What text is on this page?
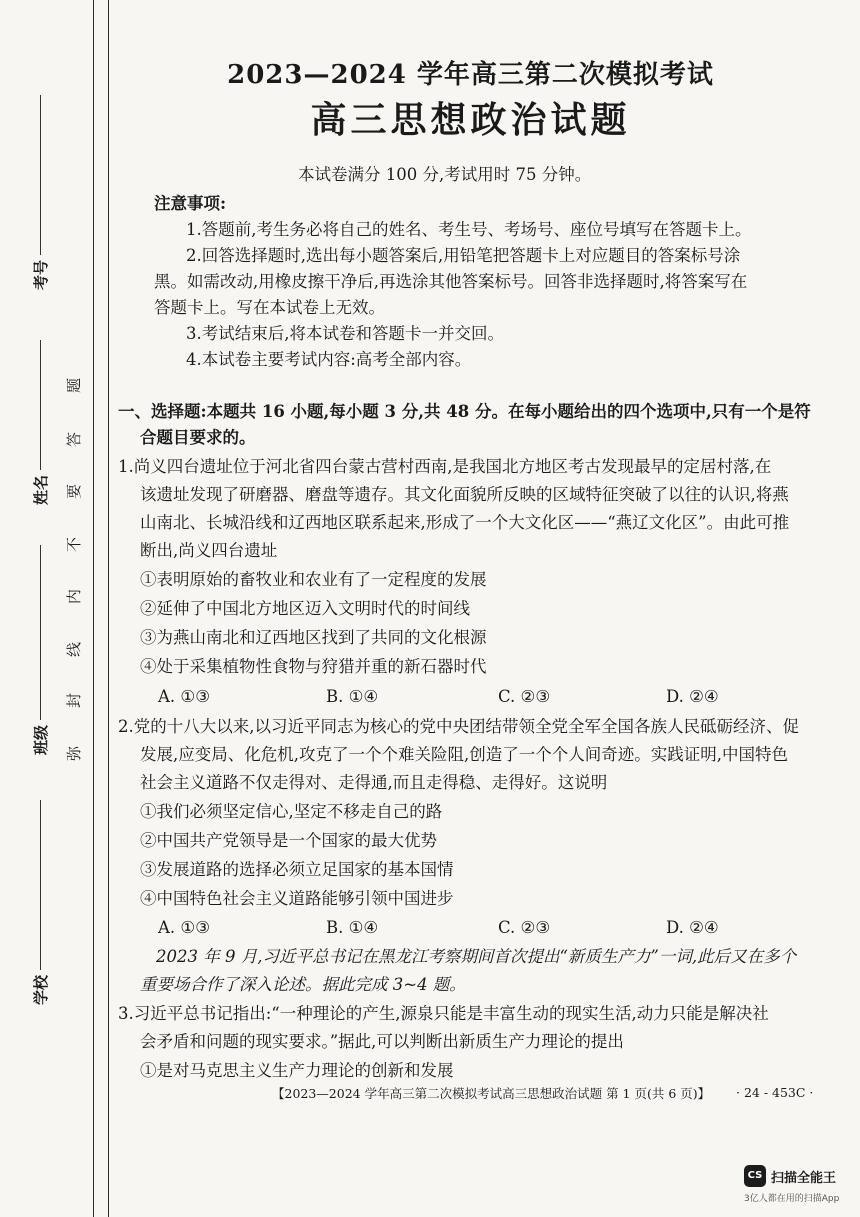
考号
姓名
班级
学校
弥
封
线
内
不
要
答
题
2023—2024 学年高三第二次模拟考试
高三思想政治试题
本试卷满分 100 分,考试用时 75 分钟。
注意事项:
1.答题前,考生务必将自己的姓名、考生号、考场号、座位号填写在答题卡上。
2.回答选择题时,选出每小题答案后,用铅笔把答题卡上对应题目的答案标号涂
黑。如需改动,用橡皮擦干净后,再选涂其他答案标号。回答非选择题时,将答案写在
答题卡上。写在本试卷上无效。
3.考试结束后,将本试卷和答题卡一并交回。
4.本试卷主要考试内容:高考全部内容。
一、选择题:本题共 16 小题,每小题 3 分,共 48 分。在每小题给出的四个选项中,只有一个是符
合题目要求的。
1.尚义四台遗址位于河北省四台蒙古营村西南,是我国北方地区考古发现最早的定居村落,在
该遗址发现了研磨器、磨盘等遗存。其文化面貌所反映的区域特征突破了以往的认识,将燕
山南北、长城沿线和辽西地区联系起来,形成了一个大文化区——“燕辽文化区”。由此可推
断出,尚义四台遗址
①表明原始的畜牧业和农业有了一定程度的发展
②延伸了中国北方地区迈入文明时代的时间线
③为燕山南北和辽西地区找到了共同的文化根源
④处于采集植物性食物与狩猎并重的新石器时代
A. ①③	B. ①④	C. ②③	D. ②④
2.党的十八大以来,以习近平同志为核心的党中央团结带领全党全军全国各族人民砥砺经济、促
发展,应变局、化危机,攻克了一个个难关险阻,创造了一个个人间奇迹。实践证明,中国特色
社会主义道路不仅走得对、走得通,而且走得稳、走得好。这说明
①我们必须坚定信心,坚定不移走自己的路
②中国共产党领导是一个国家的最大优势
③发展道路的选择必须立足国家的基本国情
④中国特色社会主义道路能够引领中国进步
A. ①③	B. ①④	C. ②③	D. ②④
2023 年 9 月,习近平总书记在黑龙江考察期间首次提出“新质生产力”一词,此后又在多个
重要场合作了深入论述。据此完成 3~4 题。
3.习近平总书记指出:“一种理论的产生,源泉只能是丰富生动的现实生活,动力只能是解决社
会矛盾和问题的现实要求。”据此,可以判断出新质生产力理论的提出
①是对马克思主义生产力理论的创新和发展
【2023—2024 学年高三第二次模拟考试高三思想政治试题 第 1 页(共 6 页)】 · 24 - 453C ·
CS 扫描全能王
3亿人都在用的扫描App
